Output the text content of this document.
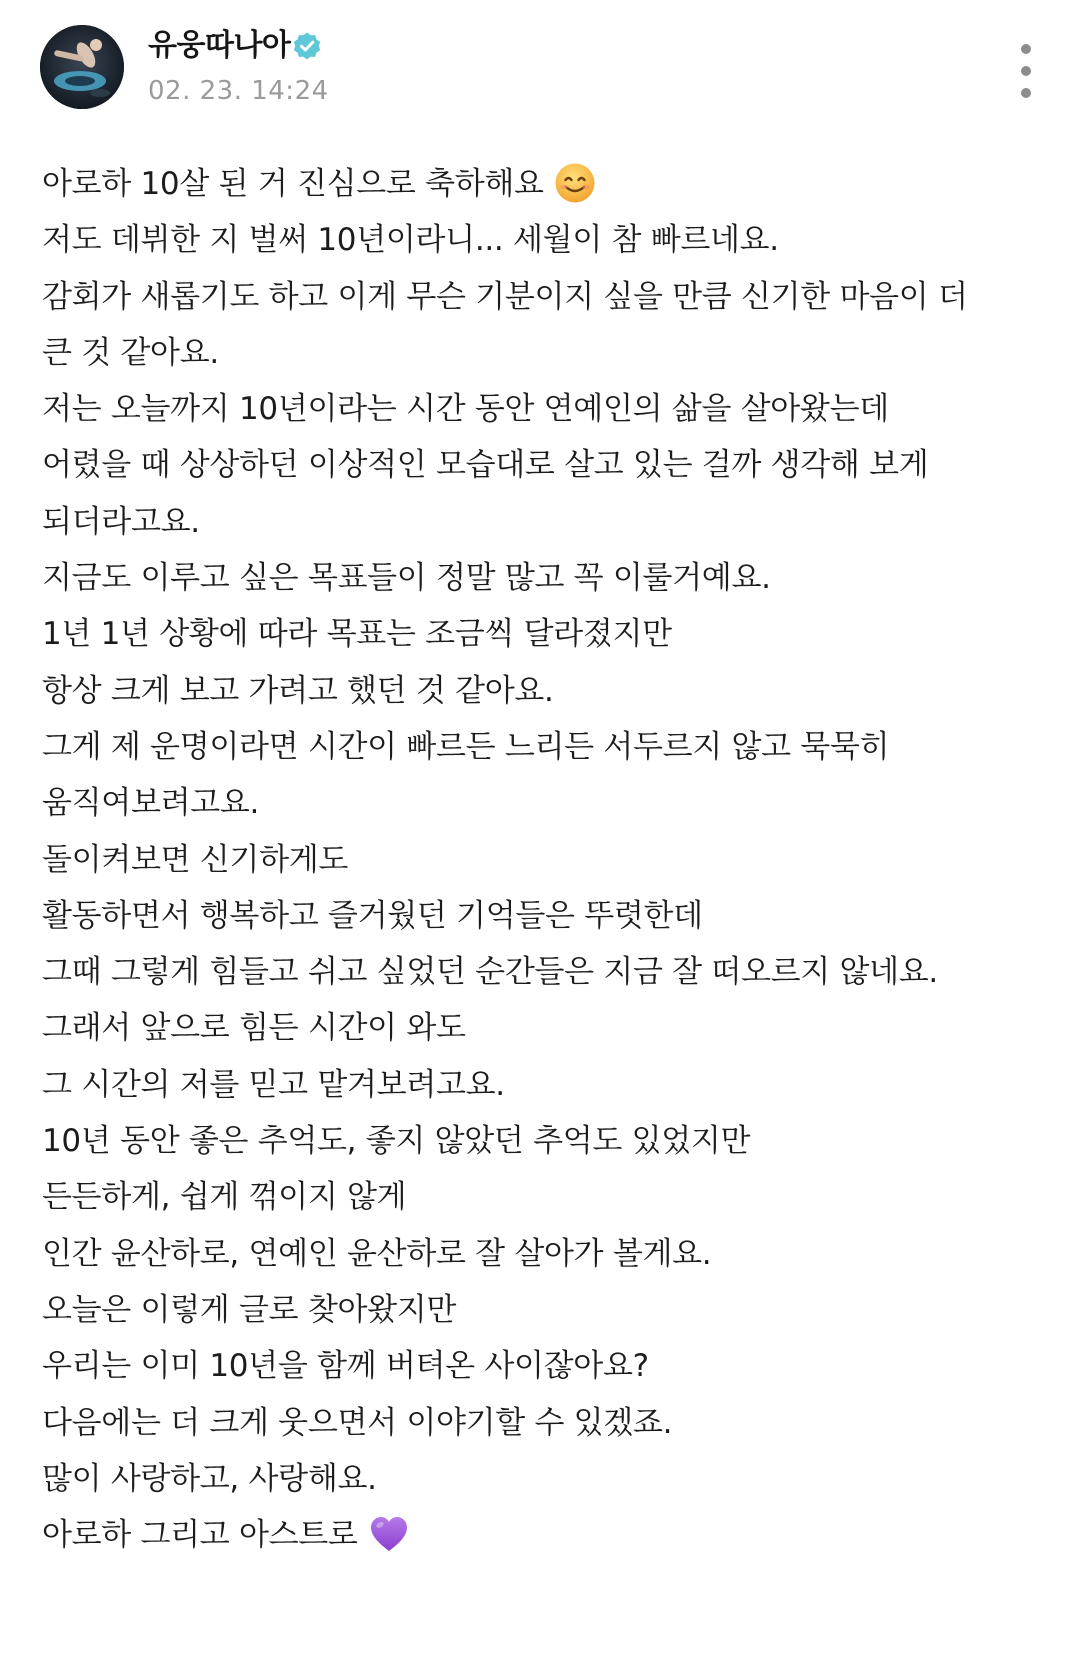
유웅따나아
02. 23. 14:24
아로하 10살 된 거 진심으로 축하해요
저도 데뷔한 지 벌써 10년이라니... 세월이 참 빠르네요.
감회가 새롭기도 하고 이게 무슨 기분이지 싶을 만큼 신기한 마음이 더
큰 것 같아요.
저는 오늘까지 10년이라는 시간 동안 연예인의 삶을 살아왔는데
어렸을 때 상상하던 이상적인 모습대로 살고 있는 걸까 생각해 보게
되더라고요.
지금도 이루고 싶은 목표들이 정말 많고 꼭 이룰거예요.
1년 1년 상황에 따라 목표는 조금씩 달라졌지만
항상 크게 보고 가려고 했던 것 같아요.
그게 제 운명이라면 시간이 빠르든 느리든 서두르지 않고 묵묵히
움직여보려고요.
돌이켜보면 신기하게도
활동하면서 행복하고 즐거웠던 기억들은 뚜렷한데
그때 그렇게 힘들고 쉬고 싶었던 순간들은 지금 잘 떠오르지 않네요.
그래서 앞으로 힘든 시간이 와도
그 시간의 저를 믿고 맡겨보려고요.
10년 동안 좋은 추억도, 좋지 않았던 추억도 있었지만
든든하게, 쉽게 꺾이지 않게
인간 윤산하로, 연예인 윤산하로 잘 살아가 볼게요.
오늘은 이렇게 글로 찾아왔지만
우리는 이미 10년을 함께 버텨온 사이잖아요?
다음에는 더 크게 웃으면서 이야기할 수 있겠죠.
많이 사랑하고, 사랑해요.
아로하 그리고 아스트로
